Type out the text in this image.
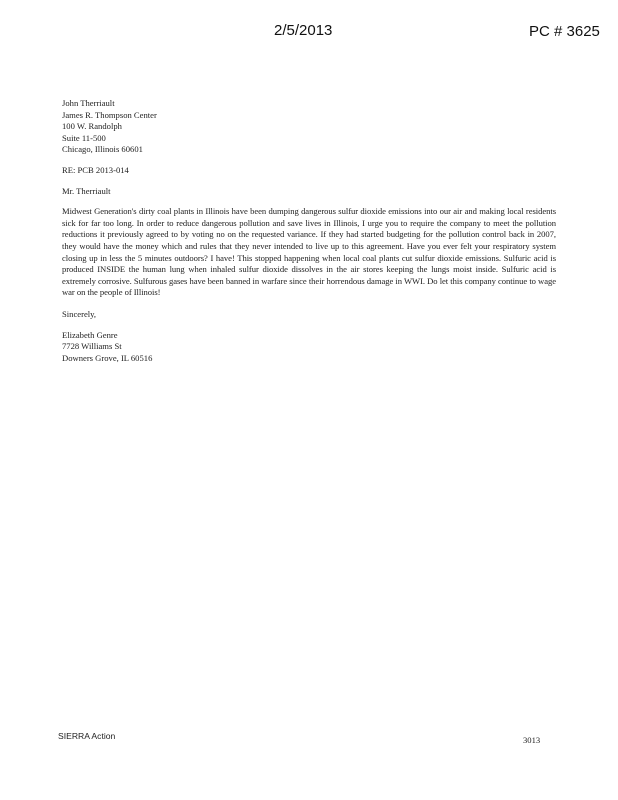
2/5/2013	PC # 3625
John Therriault
James R. Thompson Center
100 W. Randolph
Suite 11-500
Chicago, Illinois 60601
RE: PCB 2013-014
Mr. Therriault

Midwest Generation's dirty coal plants in Illinois have been dumping dangerous sulfur dioxide emissions into our air and making local residents sick for far too long. In order to reduce dangerous pollution and save lives in Illinois, I urge you to require the company to meet the pollution reductions it previously agreed to by voting no on the requested variance. If they had started budgeting for the pollution control back in 2007, they would have the money which and rules that they never intended to live up to this agreement. Have you ever felt your respiratory system closing up in less the 5 minutes outdoors? I have! This stopped happening when local coal plants cut sulfur dioxide emissions. Sulfuric acid is produced INSIDE the human lung when inhaled sulfur dioxide dissolves in the air stores keeping the lungs moist inside. Sulfuric acid is extremely corrosive. Sulfurous gases have been banned in warfare since their horrendous damage in WWI. Do let this company continue to wage war on the people of Illinois!

Sincerely,
Elizabeth Genre
7728 Williams St
Downers Grove, IL 60516
SIERRA Action	3013
